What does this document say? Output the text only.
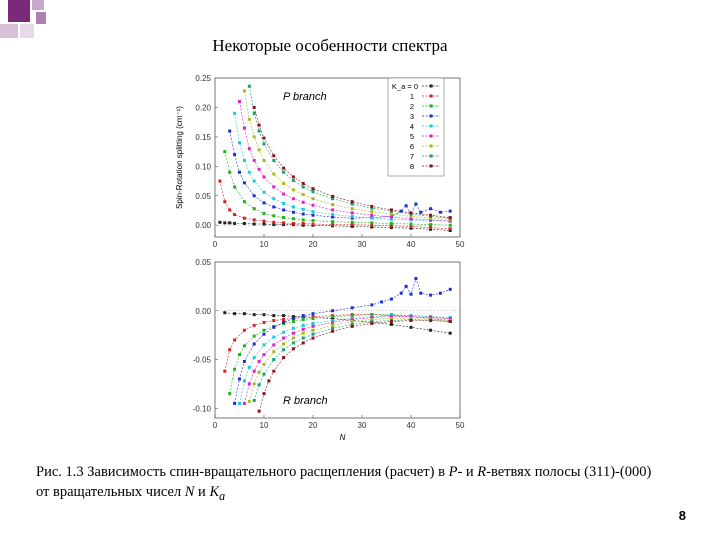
Некоторые особенности спектра
0	10	20	30	40	50
0.00
0.05
0.10
0.15
0.20
0.25
P branch
Spin-Rotation splitting (cm⁻¹)
K_a = 0
1
2
3
4
5
6
7
8
0	10	20	30	40	50
0.05
0.00
-0.05
-0.10
R branch
N
Рис. 1.3 Зависимость спин-вращательного расщепления (расчет) в P- и R-ветвях полосы (311)-(000)
от вращательных чисел N и $K_a$
8
